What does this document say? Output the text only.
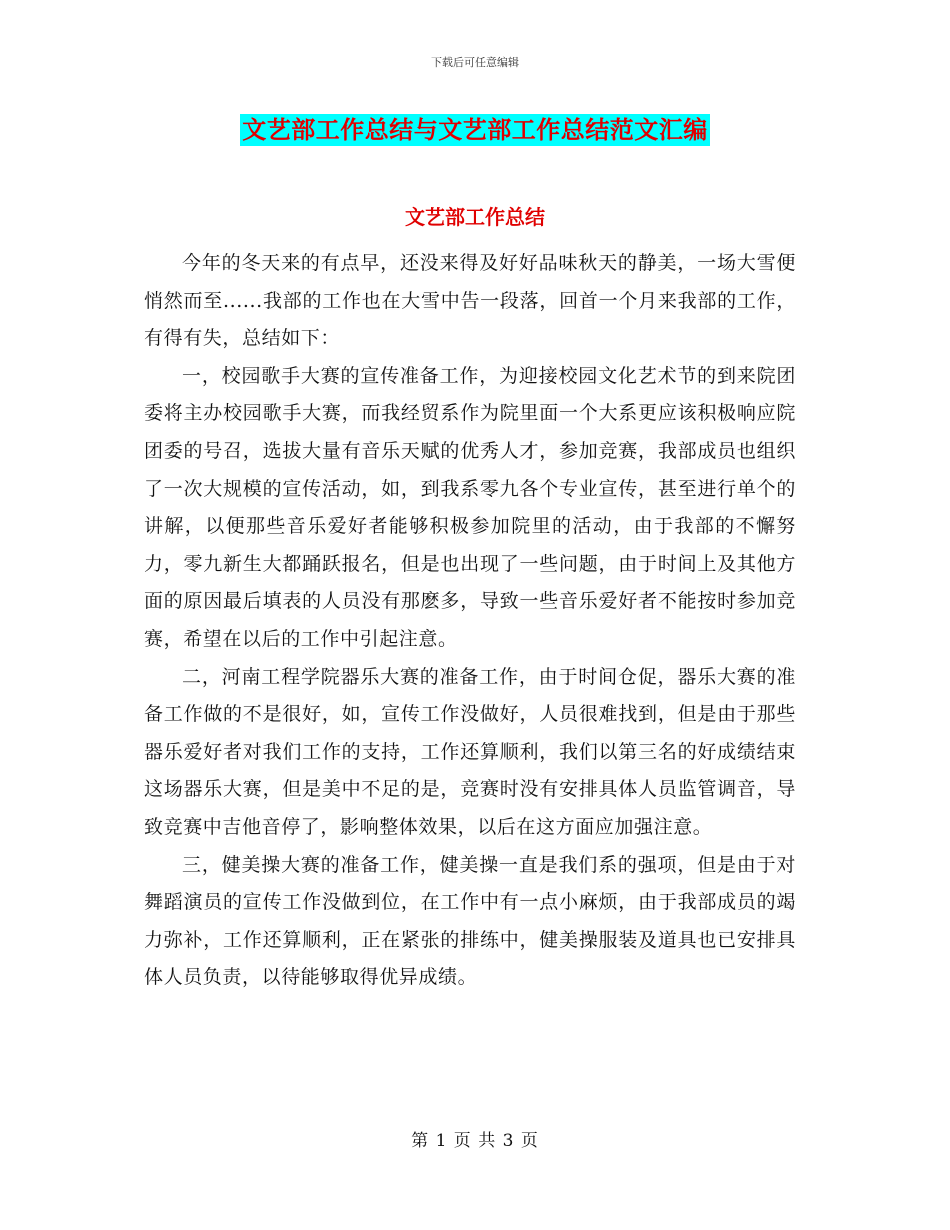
下载后可任意编辑
文艺部工作总结与文艺部工作总结范文汇编
文艺部工作总结

今年的冬天来的有点早，还没来得及好好品味秋天的静美，一场大雪便悄然而至......我部的工作也在大雪中告一段落，回首一个月来我部的工作，有得有失，总结如下：

一，校园歌手大赛的宣传准备工作，为迎接校园文化艺术节的到来院团委将主办校园歌手大赛，而我经贸系作为院里面一个大系更应该积极响应院团委的号召，选拔大量有音乐天赋的优秀人才，参加竞赛，我部成员也组织了一次大规模的宣传活动，如，到我系零九各个专业宣传，甚至进行单个的讲解，以便那些音乐爱好者能够积极参加院里的活动，由于我部的不懈努力，零九新生大都踊跃报名，但是也出现了一些问题，由于时间上及其他方面的原因最后填表的人员没有那麽多，导致一些音乐爱好者不能按时参加竞赛，希望在以后的工作中引起注意。

二，河南工程学院器乐大赛的准备工作，由于时间仓促，器乐大赛的准备工作做的不是很好，如，宣传工作没做好，人员很难找到，但是由于那些器乐爱好者对我们工作的支持，工作还算顺利，我们以第三名的好成绩结束这场器乐大赛，但是美中不足的是，竞赛时没有安排具体人员监管调音，导致竞赛中吉他音停了，影响整体效果，以后在这方面应加强注意。

三，健美操大赛的准备工作，健美操一直是我们系的强项，但是由于对舞蹈演员的宣传工作没做到位，在工作中有一点小麻烦，由于我部成员的竭力弥补，工作还算顺利，正在紧张的排练中，健美操服装及道具也已安排具体人员负责，以待能够取得优异成绩。

第 1 页 共 3 页
